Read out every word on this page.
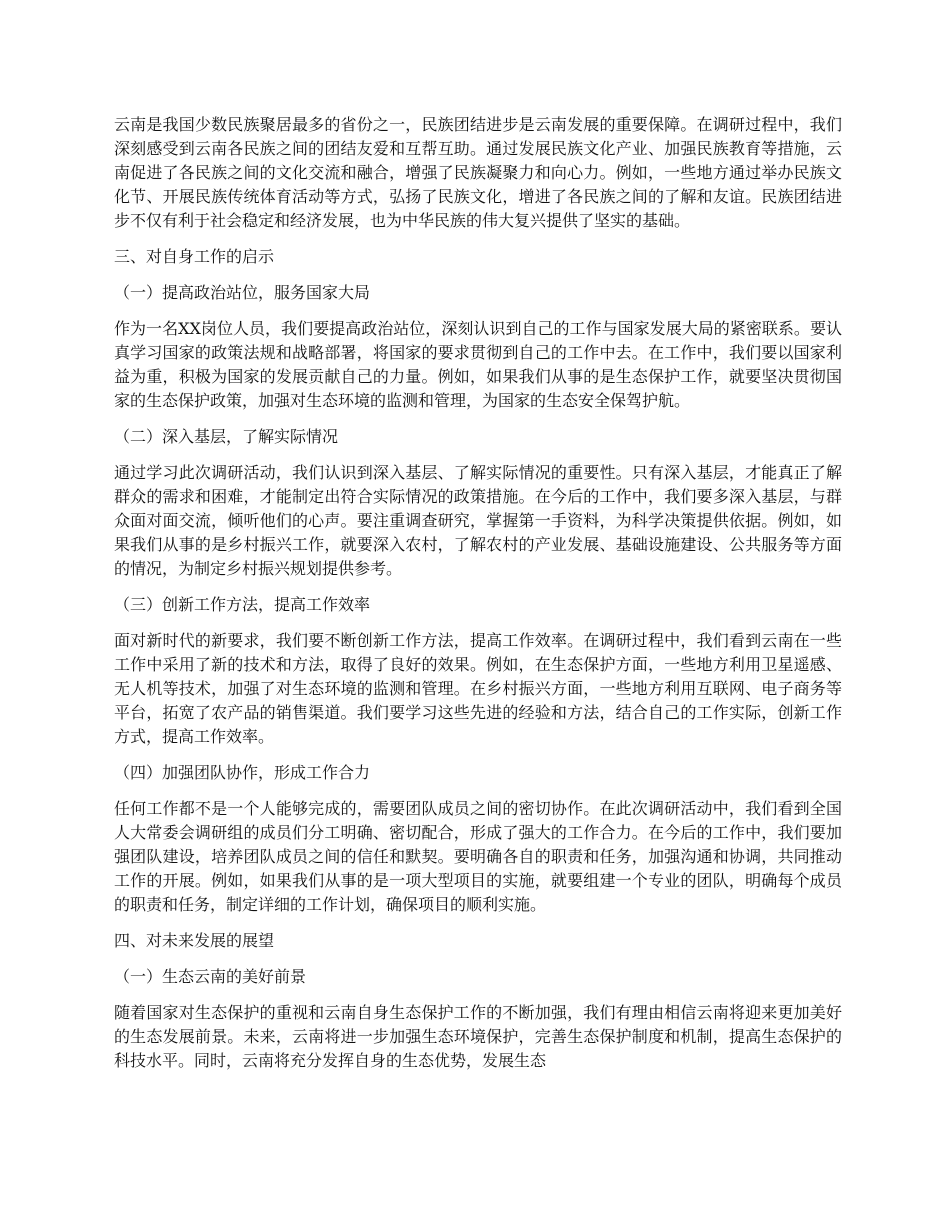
云南是我国少数民族聚居最多的省份之一，民族团结进步是云南发展的重要保障。在调研过程中，我们深刻感受到云南各民族之间的团结友爱和互帮互助。通过发展民族文化产业、加强民族教育等措施，云南促进了各民族之间的文化交流和融合，增强了民族凝聚力和向心力。例如，一些地方通过举办民族文化节、开展民族传统体育活动等方式，弘扬了民族文化，增进了各民族之间的了解和友谊。民族团结进步不仅有利于社会稳定和经济发展，也为中华民族的伟大复兴提供了坚实的基础。

三、对自身工作的启示

（一）提高政治站位，服务国家大局

作为一名XX岗位人员，我们要提高政治站位，深刻认识到自己的工作与国家发展大局的紧密联系。要认真学习国家的政策法规和战略部署，将国家的要求贯彻到自己的工作中去。在工作中，我们要以国家利益为重，积极为国家的发展贡献自己的力量。例如，如果我们从事的是生态保护工作，就要坚决贯彻国家的生态保护政策，加强对生态环境的监测和管理，为国家的生态安全保驾护航。

（二）深入基层，了解实际情况

通过学习此次调研活动，我们认识到深入基层、了解实际情况的重要性。只有深入基层，才能真正了解群众的需求和困难，才能制定出符合实际情况的政策措施。在今后的工作中，我们要多深入基层，与群众面对面交流，倾听他们的心声。要注重调查研究，掌握第一手资料，为科学决策提供依据。例如，如果我们从事的是乡村振兴工作，就要深入农村，了解农村的产业发展、基础设施建设、公共服务等方面的情况，为制定乡村振兴规划提供参考。

（三）创新工作方法，提高工作效率

面对新时代的新要求，我们要不断创新工作方法，提高工作效率。在调研过程中，我们看到云南在一些工作中采用了新的技术和方法，取得了良好的效果。例如，在生态保护方面，一些地方利用卫星遥感、无人机等技术，加强了对生态环境的监测和管理。在乡村振兴方面，一些地方利用互联网、电子商务等平台，拓宽了农产品的销售渠道。我们要学习这些先进的经验和方法，结合自己的工作实际，创新工作方式，提高工作效率。

（四）加强团队协作，形成工作合力

任何工作都不是一个人能够完成的，需要团队成员之间的密切协作。在此次调研活动中，我们看到全国人大常委会调研组的成员们分工明确、密切配合，形成了强大的工作合力。在今后的工作中，我们要加强团队建设，培养团队成员之间的信任和默契。要明确各自的职责和任务，加强沟通和协调，共同推动工作的开展。例如，如果我们从事的是一项大型项目的实施，就要组建一个专业的团队，明确每个成员的职责和任务，制定详细的工作计划，确保项目的顺利实施。

四、对未来发展的展望

（一）生态云南的美好前景

随着国家对生态保护的重视和云南自身生态保护工作的不断加强，我们有理由相信云南将迎来更加美好的生态发展前景。未来，云南将进一步加强生态环境保护，完善生态保护制度和机制，提高生态保护的科技水平。同时，云南将充分发挥自身的生态优势，发展生态
